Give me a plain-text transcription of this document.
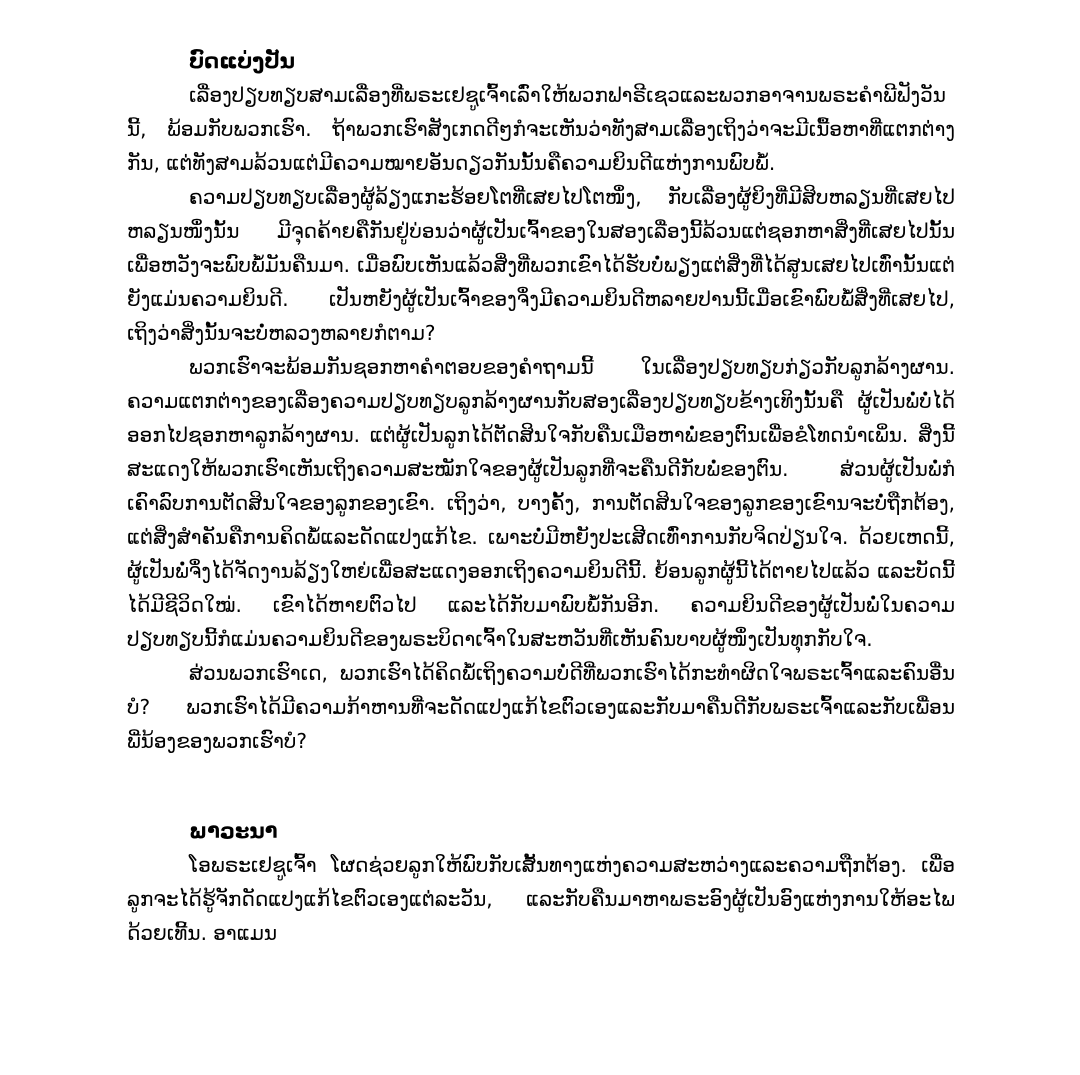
ບົດແບ່ງປັນ

ເລື່ອງປຽບທຽບສາມເລື່ອງທີ່ພຣະເຢຊູເຈົ້າເລົ່າໃຫ້ພວກຟາຣີເຊວແລະພວກອາຈານພຣະຄຳພີຟັງວັນນີ້, ພ້ອມກັບພວກເຮົາ. ຖ້າພວກເຮົາສັງເກດດີໆກໍຈະເຫັນວ່າທັງສາມເລື່ອງເຖິງວ່າຈະມີເນື້ອຫາທີ່ແຕກຕ່າງກັນ, ແຕ່ທັງສາມລ້ວນແຕ່ມີຄວາມໝາຍອັນດຽວກັນນັ້ນຄືຄວາມຍິນດີແຫ່ງການພົບພໍ້.

ຄວາມປຽບທຽບເລື່ອງຜູ້ລ້ຽງແກະຮ້ອຍໂຕທີ່ເສຍໄປໂຕໜຶ່ງ, ກັບເລື່ອງຜູ້ຍິງທີ່ມີສິບຫລຽນທີ່ເສຍໄປຫລຽນໜຶ່ງນັ້ນ ມີຈຸດຄ້າຍຄືກັນຢູ່ບ່ອນວ່າຜູ້ເປັນເຈົ້າຂອງໃນສອງເລື່ອງນີ້ລ້ວນແຕ່ຊອກຫາສິ່ງທີ່ເສຍໄປນັ້ນເພື່ອຫວັງຈະພົບພໍ້ມັນຄືນມາ. ເມື່ອພົບເຫັນແລ້ວສິ່ງທີ່ພວກເຂົາໄດ້ຮັບບໍ່ພຽງແຕ່ສິ່ງທີ່ໄດ້ສູນເສຍໄປເທົ່ານັ້ນແຕ່ຍັງແມ່ນຄວາມຍິນດີ. ເປັນຫຍັງຜູ້ເປັນເຈົ້າຂອງຈຶ່ງມີຄວາມຍິນດີຫລາຍປານນີ້ເມື່ອເຂົາພົບພໍ້ສິ່ງທີ່ເສຍໄປ, ເຖິງວ່າສິ່ງນັ້ນຈະບໍ່ຫລວງຫລາຍກໍຕາມ?

ພວກເຮົາຈະພ້ອມກັນຊອກຫາຄຳຕອບຂອງຄຳຖາມນີ້ ໃນເລື່ອງປຽບທຽບກ່ຽວກັບລູກລ້າງຜານ. ຄວາມແຕກຕ່າງຂອງເລື່ອງຄວາມປຽບທຽບລູກລ້າງຜານກັບສອງເລື່ອງປຽບທຽບຂ້າງເທິງນັ້ນຄື ຜູ້ເປັນພໍ່ບໍ່ໄດ້ອອກໄປຊອກຫາລູກລ້າງຜານ. ແຕ່ຜູ້ເປັນລູກໄດ້ຕັດສິນໃຈກັບຄືນເມືອຫາພໍ່ຂອງຕົນເພື່ອຂໍໂທດນຳເພິ່ນ. ສິ່ງນີ້ສະແດງໃຫ້ພວກເຮົາເຫັນເຖິງຄວາມສະໝັກໃຈຂອງຜູ້ເປັນລູກທີ່ຈະຄືນດີກັບພໍ່ຂອງຕົນ. ສ່ວນຜູ້ເປັນພໍ່ກໍເຄົາລົບການຕັດສິນໃຈຂອງລູກຂອງເຂົາ. ເຖິງວ່າ, ບາງຄັ້ງ, ການຕັດສິນໃຈຂອງລູກຂອງເຂົານຈະບໍ່ຖືກຕ້ອງ, ແຕ່ສິ່ງສຳຄັນຄືການຄິດພໍ້ແລະດັດແປງແກ້ໄຂ. ເພາະບໍ່ມີຫຍັງປະເສີດເທົ່າການກັບຈິດປ່ຽນໃຈ. ດ້ວຍເຫດນີ້, ຜູ້ເປັນພໍ່ຈຶ່ງໄດ້ຈັດງານລ້ຽງໃຫຍ່ເພື່ອສະແດງອອກເຖິງຄວາມຍິນດີນີ້. ຍ້ອນລູກຜູ້ນີ້ໄດ້ຕາຍໄປແລ້ວ ແລະບັດນີ້ໄດ້ມີຊີວິດໃໝ່. ເຂົາໄດ້ຫາຍຕົວໄປ ແລະໄດ້ກັບມາພົບພໍ້ກັນອີກ. ຄວາມຍິນດີຂອງຜູ້ເປັນພໍ່ໃນຄວາມປຽບທຽບນີ້ກໍແມ່ນຄວາມຍິນດີຂອງພຣະບິດາເຈົ້າໃນສະຫວັນທີ່ເຫັນຄົນບາບຜູ້ໜຶ່ງເປັນທຸກກັບໃຈ.

ສ່ວນພວກເຮົາເດ, ພວກເຮົາໄດ້ຄິດພໍ້ເຖິງຄວາມບໍ່ດີທີ່ພວກເຮົາໄດ້ກະທຳຜິດໃຈພຣະເຈົ້າແລະຄົນອື່ນບໍ? ພວກເຮົາໄດ້ມີຄວາມກ້າຫານທີ່ຈະດັດແປງແກ້ໄຂຕົວເອງແລະກັບມາຄືນດີກັບພຣະເຈົ້າແລະກັບເພື່ອນພີ່ນ້ອງຂອງພວກເຮົາບໍ?

ພາວະນາ

ໂອພຣະເຢຊູເຈົ້າ ໂຜດຊ່ວຍລູກໃຫ້ພົບກັບເສັ້ນທາງແຫ່ງຄວາມສະຫວ່າງແລະຄວາມຖືກຕ້ອງ. ເພື່ອລູກຈະໄດ້ຮູ້ຈັກດັດແປງແກ້ໄຂຕົວເອງແຕ່ລະວັນ, ແລະກັບຄືນມາຫາພຣະອົງຜູ້ເປັນອົງແຫ່ງການໃຫ້ອະໄພດ້ວຍເທີ້ນ. ອາແມນ
